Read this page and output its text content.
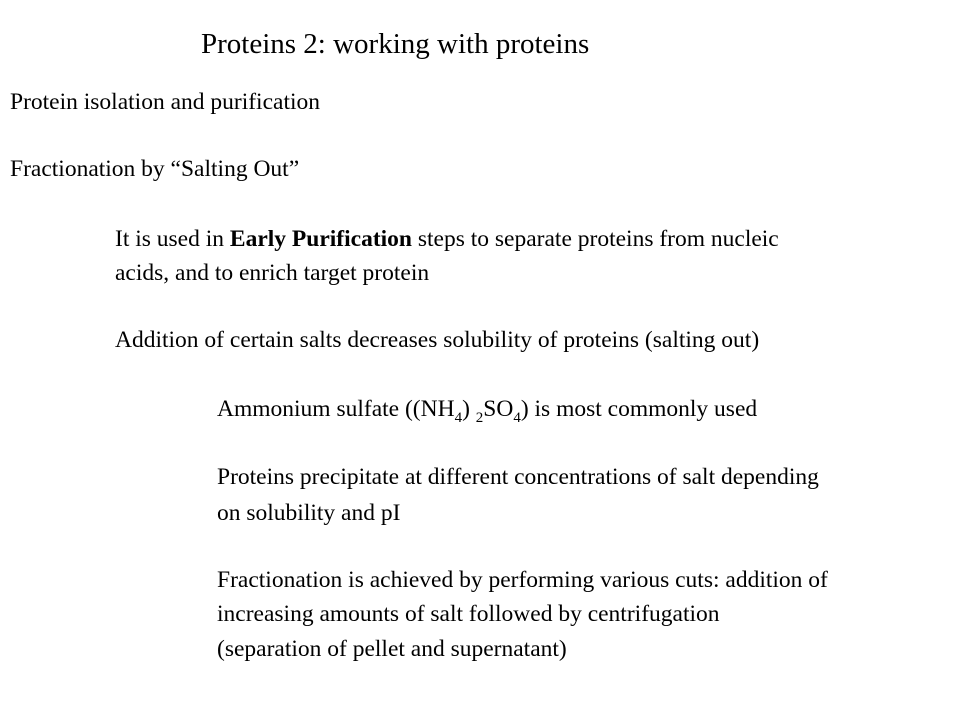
Proteins 2: working with proteins
Protein isolation and purification
Fractionation by “Salting Out”
It is used in Early Purification steps to separate proteins from nucleic
acids, and to enrich target protein
Addition of certain salts decreases solubility of proteins (salting out)
Ammonium sulfate ($(NH_4)$ $_2SO_4$) is most commonly used
Proteins precipitate at different concentrations of salt depending
on solubility and pI
Fractionation is achieved by performing various cuts: addition of
increasing amounts of salt followed by centrifugation
(separation of pellet and supernatant)
